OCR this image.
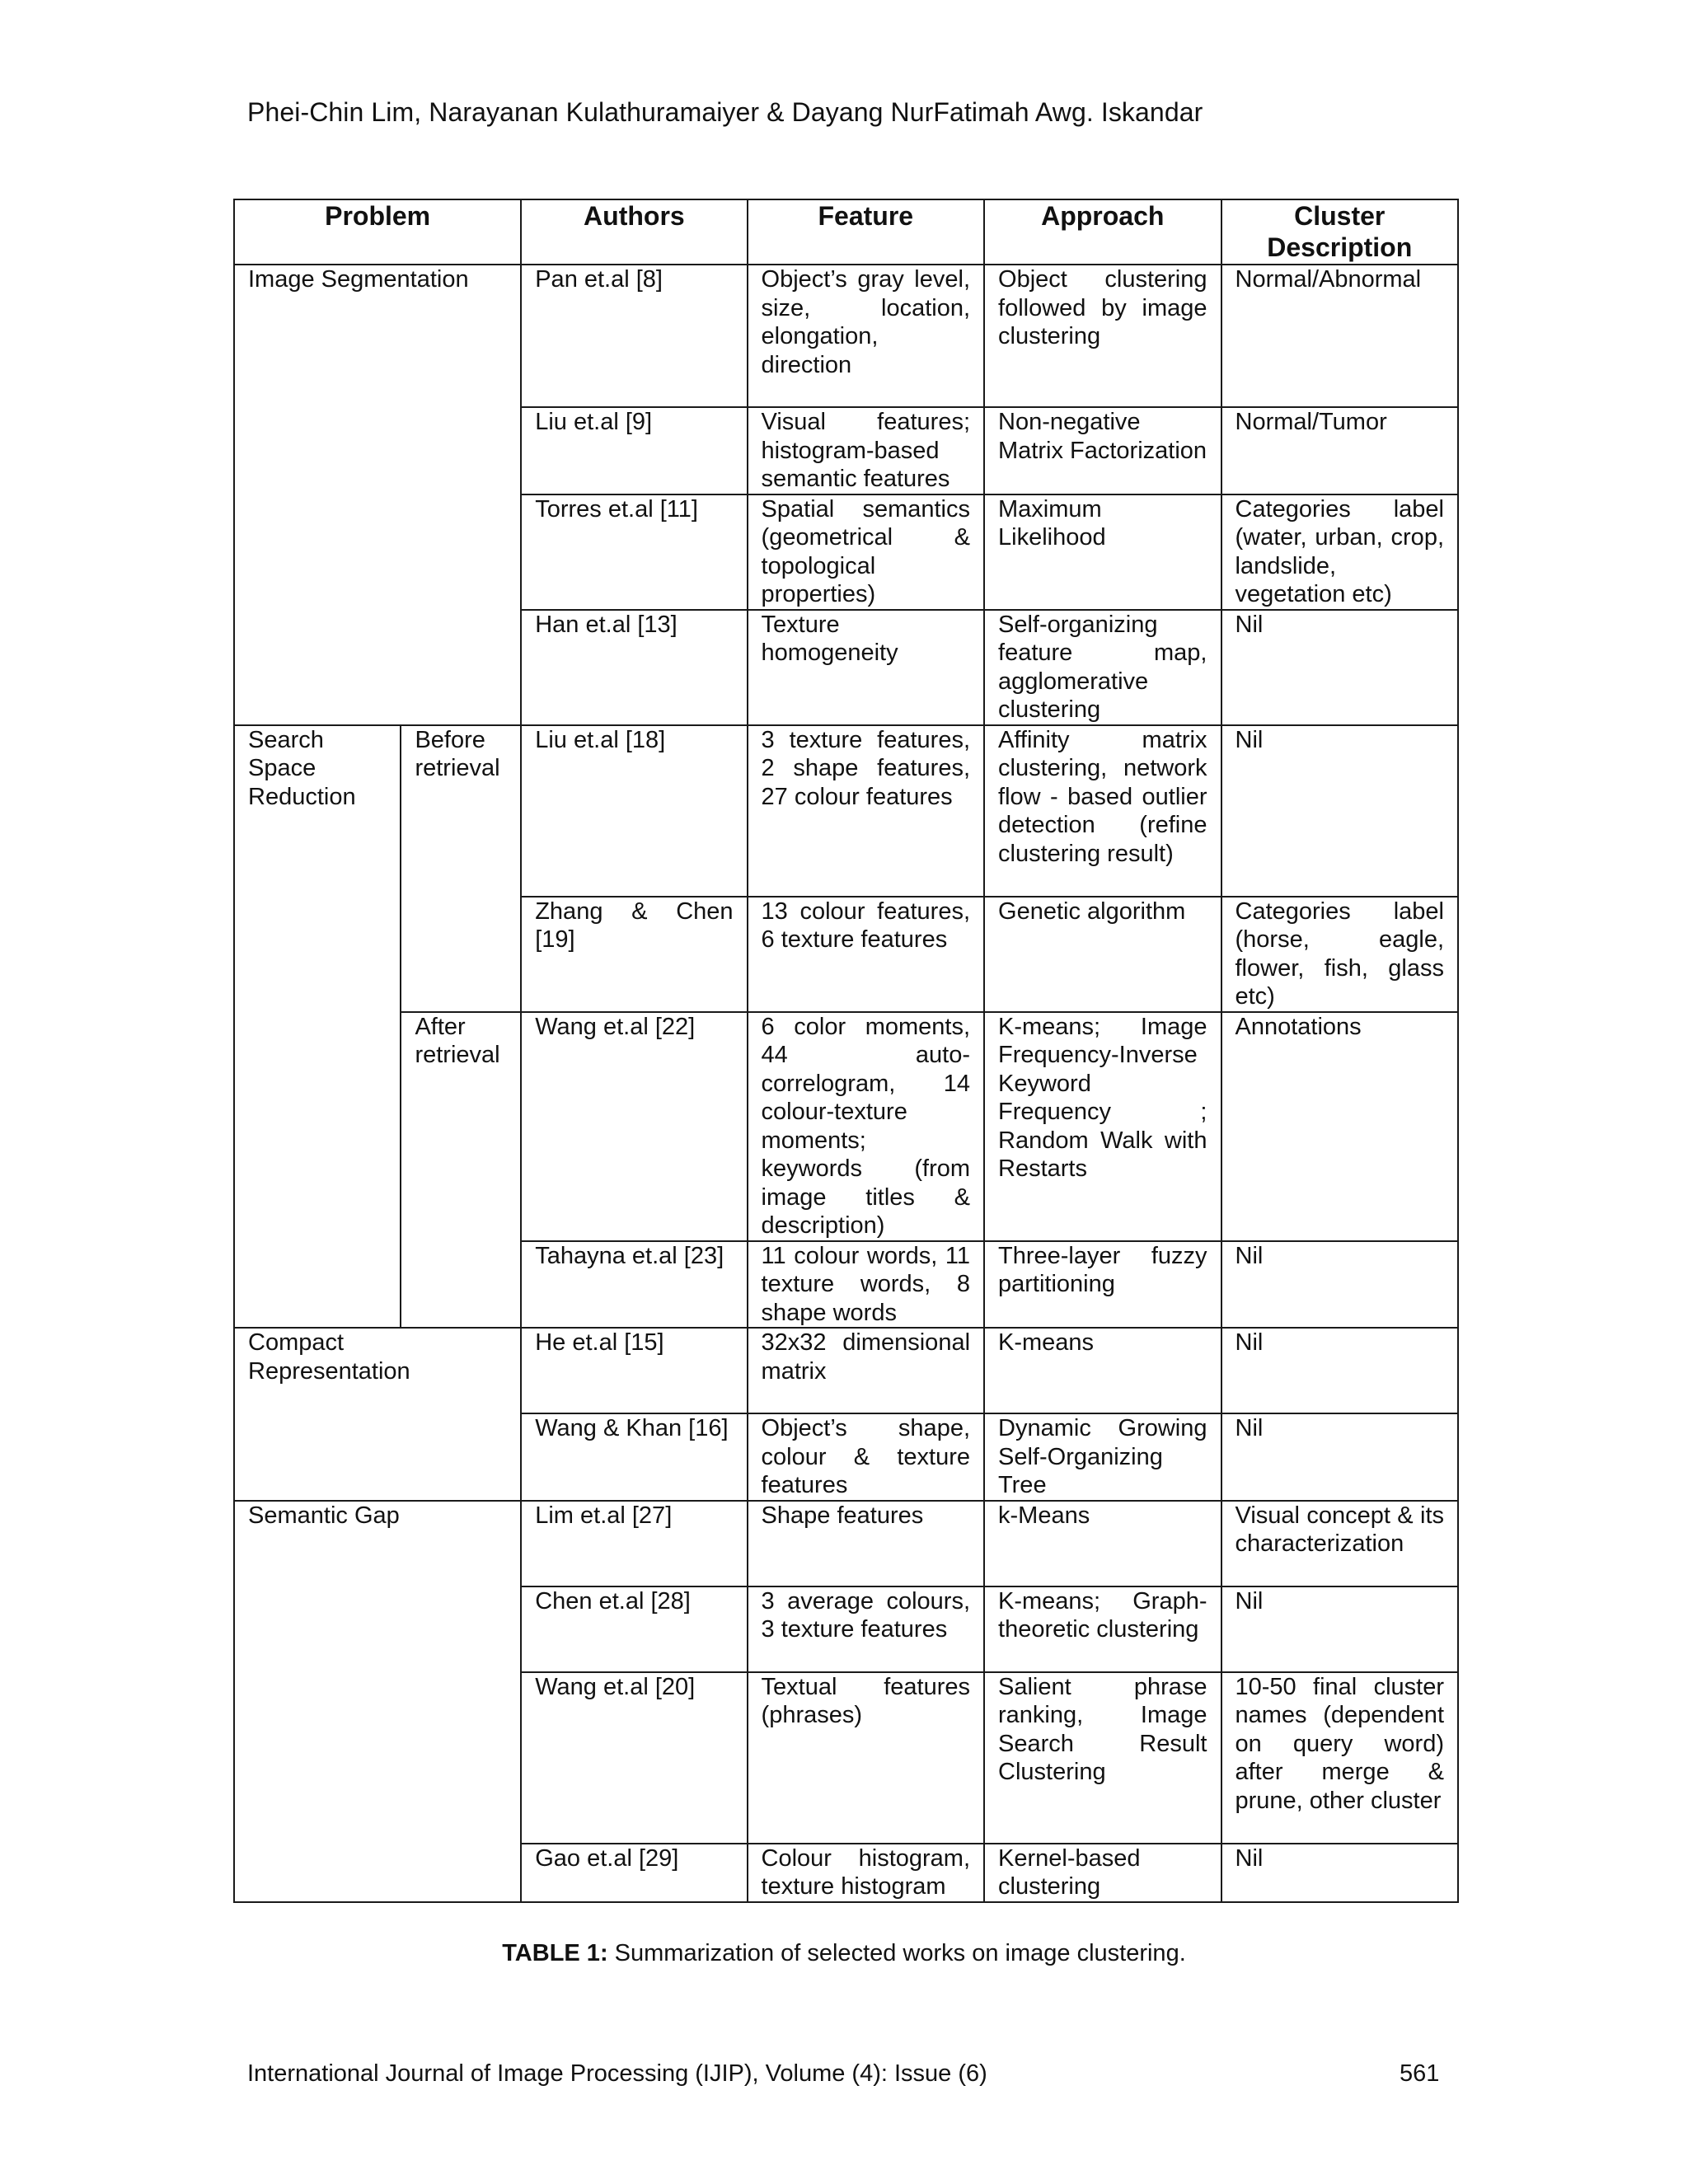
Phei-Chin Lim, Narayanan Kulathuramaiyer & Dayang NurFatimah Awg. Iskandar
Problem		Authors	Feature	Approach	Cluster Description
Image Segmentation		Pan et.al [8]	Object’s gray level, size, location, elongation, direction	Object clustering followed by image clustering	Normal/Abnormal
		Liu et.al [9]	Visual features; histogram-based semantic features	Non-negative Matrix Factorization	Normal/Tumor
		Torres et.al [11]	Spatial semantics (geometrical & topological properties)	Maximum Likelihood	Categories label (water, urban, crop, landslide, vegetation etc)
		Han et.al [13]	Texture homogeneity	Self-organizing feature map, agglomerative clustering	Nil
Search Space Reduction	Before retrieval	Liu et.al [18]	3 texture features, 2 shape features, 27 colour features	Affinity matrix clustering, network flow - based outlier detection (refine clustering result)	Nil
		Zhang & Chen [19]	13 colour features, 6 texture features	Genetic algorithm	Categories label (horse, eagle, flower, fish, glass etc)
	After retrieval	Wang et.al [22]	6 color moments, 44 auto-correlogram, 14 colour-texture moments; keywords (from image titles & description)	K-means; Image Frequency-Inverse Keyword Frequency ; Random Walk with Restarts	Annotations
		Tahayna et.al [23]	11 colour words, 11 texture words, 8 shape words	Three-layer fuzzy partitioning	Nil
Compact Representation		He et.al [15]	32x32 dimensional matrix	K-means	Nil
		Wang & Khan [16]	Object’s shape, colour & texture features	Dynamic Growing Self-Organizing Tree	Nil
Semantic Gap		Lim et.al [27]	Shape features	k-Means	Visual concept & its characterization
		Chen et.al [28]	3 average colours, 3 texture features	K-means; Graph-theoretic clustering	Nil
		Wang et.al [20]	Textual features (phrases)	Salient phrase ranking, Image Search Result Clustering	10-50 final cluster names (dependent on query word) after merge & prune, other cluster
		Gao et.al [29]	Colour histogram, texture histogram	Kernel-based clustering	Nil
TABLE 1: Summarization of selected works on image clustering.
International Journal of Image Processing (IJIP), Volume (4): Issue (6)	561
